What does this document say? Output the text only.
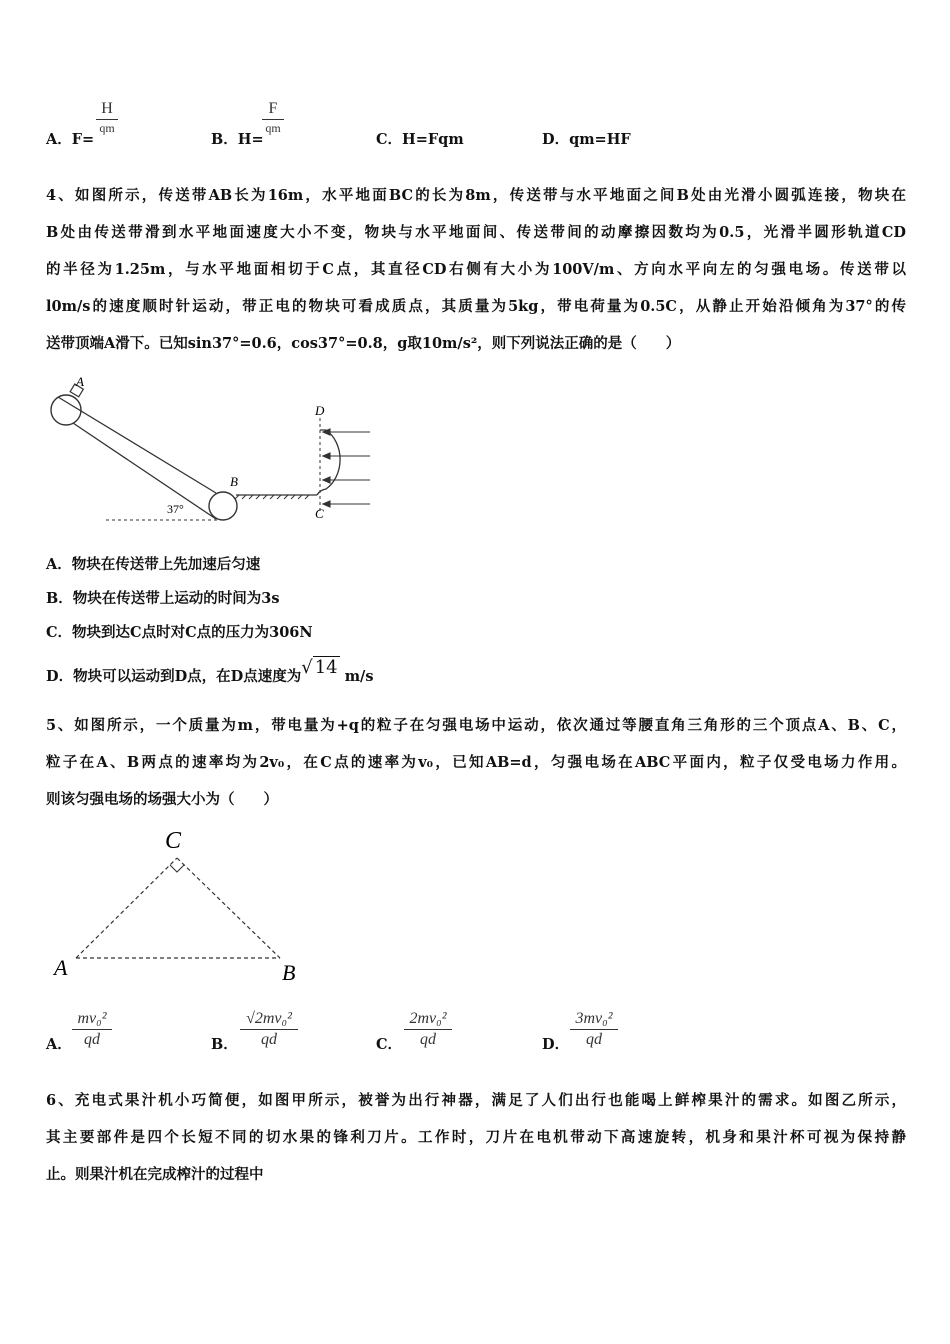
A．F=
H
qm
B．H=
F
qm
C．H=Fqm	D．qm=HF
4、如图所示，传送带AB长为16m，水平地面BC的长为8m，传送带与水平地面之间B处由光滑小圆弧连接，物块在
B处由传送带滑到水平地面速度大小不变，物块与水平地面间、传送带间的动摩擦因数均为0.5，光滑半圆形轨道CD
的半径为1.25m，与水平地面相切于C点，其直径CD右侧有大小为100V/m、方向水平向左的匀强电场。传送带以
l0m/s的速度顺时针运动，带正电的物块可看成质点，其质量为5kg，带电荷量为0.5C，从静止开始沿倾角为37°的传
送带顶端A滑下。已知sin37°=0.6，cos37°=0.8，g取10m/s²，则下列说法正确的是（　　）
A
37°
B
D
C
A．物块在传送带上先加速后匀速
B．物块在传送带上运动的时间为3s
C．物块到达C点时对C点的压力为306N
D．物块可以运动到D点，在D点速度为√ 14 m/s
5、如图所示，一个质量为m，带电量为+q的粒子在匀强电场中运动，依次通过等腰直角三角形的三个顶点A、B、C，
粒子在A、B两点的速率均为2v₀，在C点的速率为v₀，已知AB=d，匀强电场在ABC平面内，粒子仅受电场力作用。
则该匀强电场的场强大小为（　　）
A	B
C
A．
mv₀²
qd	B．
√2mv₀²
qd	C．
2mv₀²
qd	D．
3mv₀²
qd
6、充电式果汁机小巧简便，如图甲所示，被誉为出行神器，满足了人们出行也能喝上鲜榨果汁的需求。如图乙所示，
其主要部件是四个长短不同的切水果的锋利刀片。工作时，刀片在电机带动下高速旋转，机身和果汁杯可视为保持静
止。则果汁机在完成榨汁的过程中
